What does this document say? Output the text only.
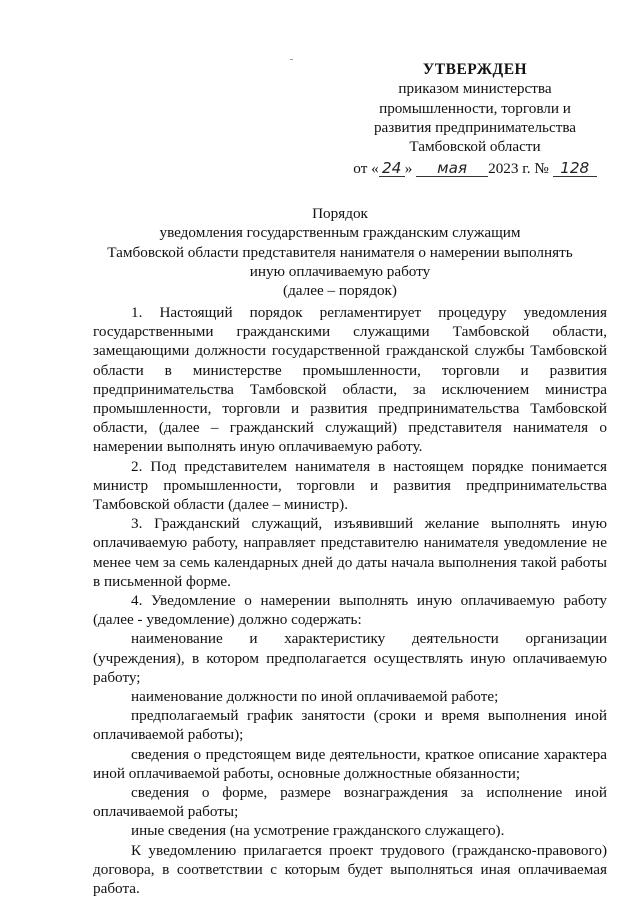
УТВЕРЖДЕН
приказом министерства
промышленности, торговли и
развития предпринимательства
Тамбовской области
от « 24 » мая 2023 г. № 128
Порядок
уведомления государственным гражданским служащим
Тамбовской области представителя нанимателя о намерении выполнять
иную оплачиваемую работу
(далее – порядок)

1. Настоящий порядок регламентирует процедуру уведомления государственными гражданскими служащими Тамбовской области, замещающими должности государственной гражданской службы Тамбовской области в министерстве промышленности, торговли и развития предпринимательства Тамбовской области, за исключением министра промышленности, торговли и развития предпринимательства Тамбовской области, (далее – гражданский служащий) представителя нанимателя о намерении выполнять иную оплачиваемую работу.

2. Под представителем нанимателя в настоящем порядке понимается министр промышленности, торговли и развития предпринимательства Тамбовской области (далее – министр).

3. Гражданский служащий, изъявивший желание выполнять иную оплачиваемую работу, направляет представителю нанимателя уведомление не менее чем за семь календарных дней до даты начала выполнения такой работы в письменной форме.

4. Уведомление о намерении выполнять иную оплачиваемую работу (далее - уведомление) должно содержать:

наименование и характеристику деятельности организации (учреждения), в котором предполагается осуществлять иную оплачиваемую работу;

наименование должности по иной оплачиваемой работе;

предполагаемый график занятости (сроки и время выполнения иной оплачиваемой работы);

сведения о предстоящем виде деятельности, краткое описание характера иной оплачиваемой работы, основные должностные обязанности;

сведения о форме, размере вознаграждения за исполнение иной оплачиваемой работы;

иные сведения (на усмотрение гражданского служащего).

К уведомлению прилагается проект трудового (гражданско-правового) договора, в соответствии с которым будет выполняться иная оплачиваемая работа.
